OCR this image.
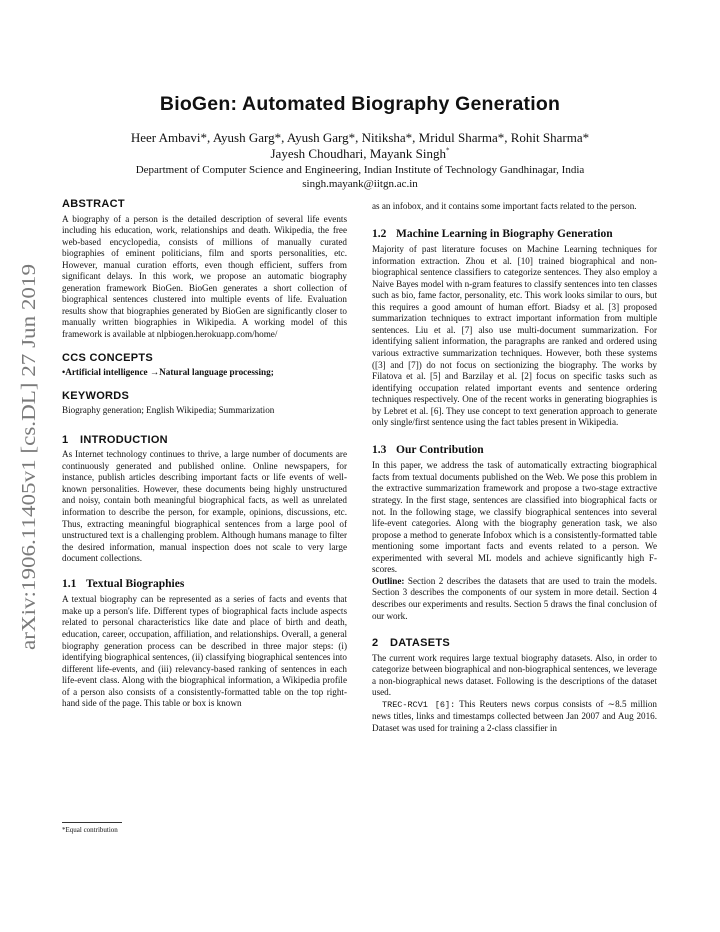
arXiv:1906.11405v1 [cs.DL] 27 Jun 2019
BioGen: Automated Biography Generation
Heer Ambavi*, Ayush Garg*, Ayush Garg*, Nitiksha*, Mridul Sharma*, Rohit Sharma*
Jayesh Choudhari, Mayank Singh*
Department of Computer Science and Engineering, Indian Institute of Technology Gandhinagar, India
singh.mayank@iitgn.ac.in
ABSTRACT

A biography of a person is the detailed description of several life events including his education, work, relationships and death. Wikipedia, the free web-based encyclopedia, consists of millions of manually curated biographies of eminent politicians, film and sports personalities, etc. However, manual curation efforts, even though efficient, suffers from significant delays. In this work, we propose an automatic biography generation framework BioGen. BioGen generates a short collection of biographical sentences clustered into multiple events of life. Evaluation results show that biographies generated by BioGen are significantly closer to manually written biographies in Wikipedia. A working model of this framework is available at nlpbiogen.herokuapp.com/home/

CCS CONCEPTS

•Artificial intelligence →Natural language processing;

KEYWORDS

Biography generation; English Wikipedia; Summarization

1 INTRODUCTION

As Internet technology continues to thrive, a large number of documents are continuously generated and published online. Online newspapers, for instance, publish articles describing important facts or life events of well-known personalities. However, these documents being highly unstructured and noisy, contain both meaningful biographical facts, as well as unrelated information to describe the person, for example, opinions, discussions, etc. Thus, extracting meaningful biographical sentences from a large pool of unstructured text is a challenging problem. Although humans manage to filter the desired information, manual inspection does not scale to very large document collections.

1.1 Textual Biographies

A textual biography can be represented as a series of facts and events that make up a person's life. Different types of biographical facts include aspects related to personal characteristics like date and place of birth and death, education, career, occupation, affiliation, and relationships. Overall, a general biography generation process can be described in three major steps: (i) identifying biographical sentences, (ii) classifying biographical sentences into different life-events, and (iii) relevancy-based ranking of sentences in each life-event class. Along with the biographical information, a Wikipedia profile of a person also consists of a consistently-formatted table on the top right-hand side of the page. This table or box is known

as an infobox, and it contains some important facts related to the person.

1.2 Machine Learning in Biography Generation

Majority of past literature focuses on Machine Learning techniques for information extraction. Zhou et al. [10] trained biographical and non-biographical sentence classifiers to categorize sentences. They also employ a Naive Bayes model with n-gram features to classify sentences into ten classes such as bio, fame factor, personality, etc. This work looks similar to ours, but this requires a good amount of human effort. Biadsy et al. [3] proposed summarization techniques to extract important information from multiple sentences. Liu et al. [7] also use multi-document summarization. For identifying salient information, the paragraphs are ranked and ordered using various extractive summarization techniques. However, both these systems ([3] and [7]) do not focus on sectionizing the biography. The works by Filatova et al. [5] and Barzilay et al. [2] focus on specific tasks such as identifying occupation related important events and sentence ordering techniques respectively. One of the recent works in generating biographies is by Lebret et al. [6]. They use concept to text generation approach to generate only single/first sentence using the fact tables present in Wikipedia.

1.3 Our Contribution

In this paper, we address the task of automatically extracting biographical facts from textual documents published on the Web. We pose this problem in the extractive summarization framework and propose a two-stage extractive strategy. In the first stage, sentences are classified into biographical facts or not. In the following stage, we classify biographical sentences into several life-event categories. Along with the biography generation task, we also propose a method to generate Infobox which is a consistently-formatted table mentioning some important facts and events related to a person. We experimented with several ML models and achieve significantly high F-scores.

Outline: Section 2 describes the datasets that are used to train the models. Section 3 describes the components of our system in more detail. Section 4 describes our experiments and results. Section 5 draws the final conclusion of our work.

2 DATASETS

The current work requires large textual biography datasets. Also, in order to categorize between biographical and non-biographical sentences, we leverage a non-biographical news dataset. Following is the descriptions of the dataset used.

TREC-RCV1 [6]: This Reuters news corpus consists of ∼8.5 million news titles, links and timestamps collected between Jan 2007 and Aug 2016. Dataset was used for training a 2-class classifier in

*Equal contribution
